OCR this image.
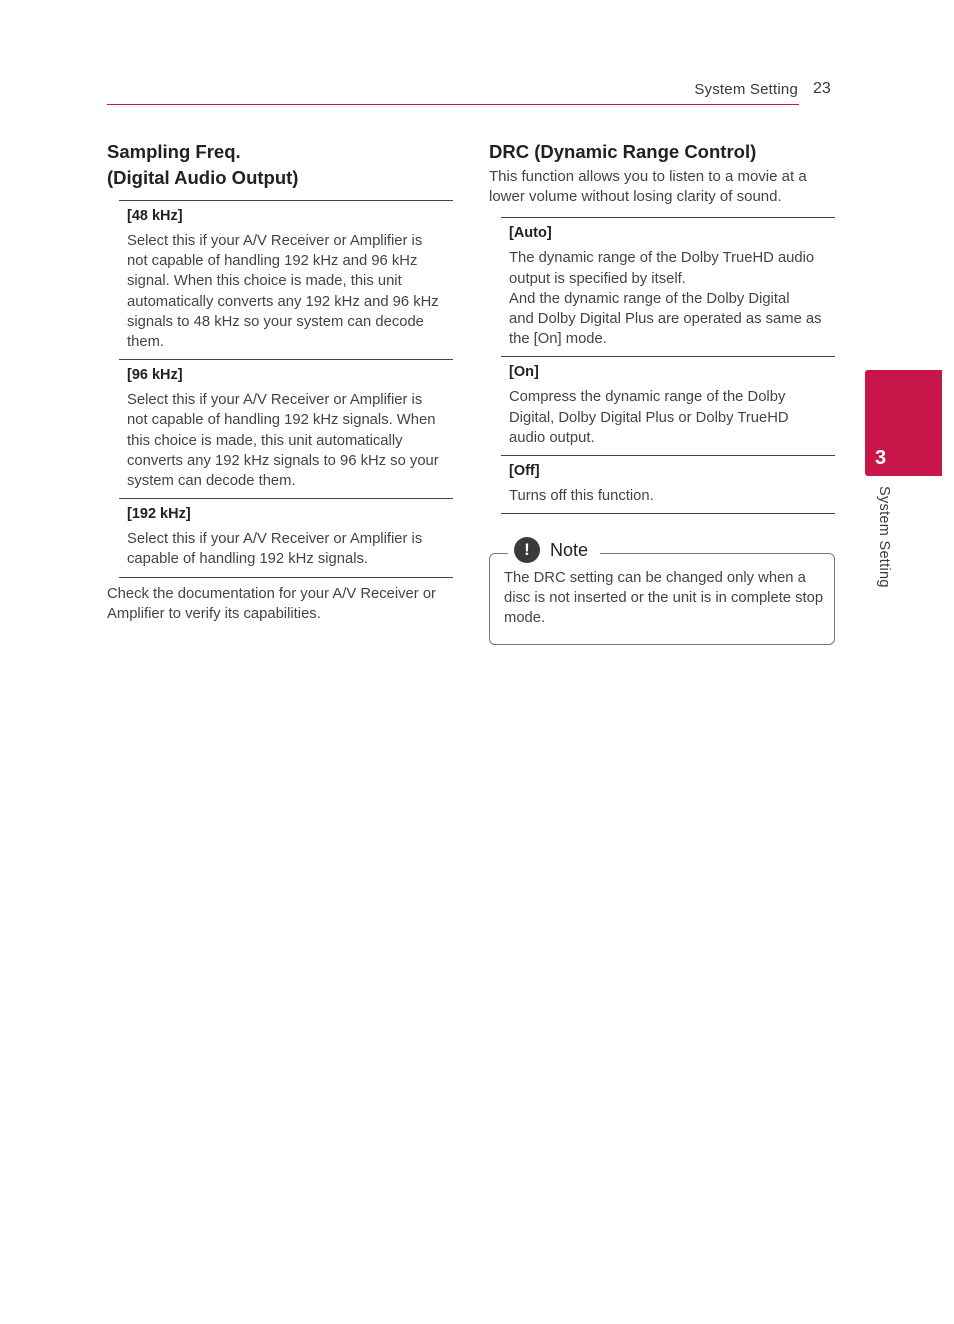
System Setting 23
Sampling Freq.
(Digital Audio Output)
[48 kHz]
Select this if your A/V Receiver or Amplifier is
not capable of handling 192 kHz and 96 kHz
signal. When this choice is made, this unit
automatically converts any 192 kHz and 96 kHz
signals to 48 kHz so your system can decode
them.
[96 kHz]
Select this if your A/V Receiver or Amplifier is
not capable of handling 192 kHz signals. When
this choice is made, this unit automatically
converts any 192 kHz signals to 96 kHz so your
system can decode them.
[192 kHz]
Select this if your A/V Receiver or Amplifier is
capable of handling 192 kHz signals.
Check the documentation for your A/V Receiver or Amplifier to verify its capabilities.
DRC (Dynamic Range Control)
This function allows you to listen to a movie at a lower volume without losing clarity of sound.
[Auto]
The dynamic range of the Dolby TrueHD audio
output is specified by itself.
And the dynamic range of the Dolby Digital
and Dolby Digital Plus are operated as same as
the [On] mode.
[On]
Compress the dynamic range of the Dolby
Digital, Dolby Digital Plus or Dolby TrueHD
audio output.
[Off]
Turns off this function.
!	Note
The DRC setting can be changed only when a disc is not inserted or the unit is in complete stop mode.
3
System Setting
